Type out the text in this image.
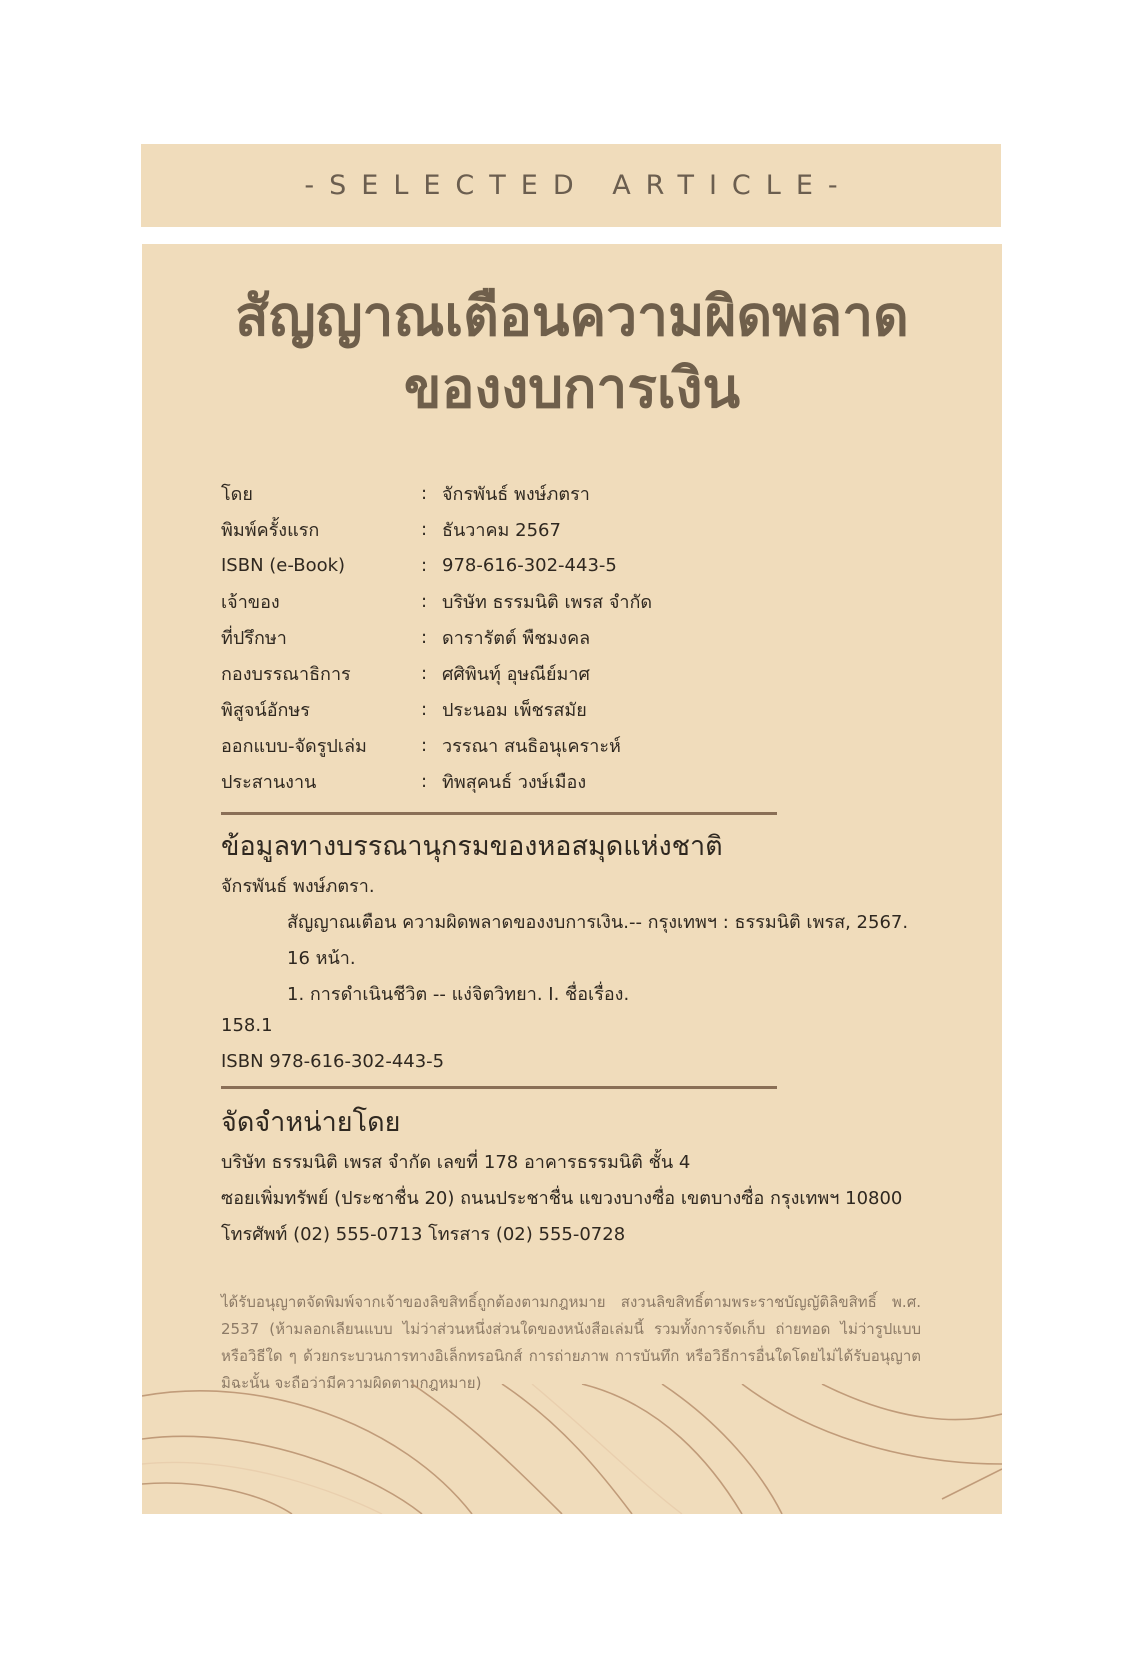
-SELECTED ARTICLE-
สัญญาณเตือนความผิดพลาด
ของงบการเงิน
โดย	: จักรพันธ์ พงษ์ภตรา
พิมพ์ครั้งแรก	: ธันวาคม 2567
ISBN (e-Book)	: 978-616-302-443-5
เจ้าของ	: บริษัท ธรรมนิติ เพรส จำกัด
ที่ปรึกษา	: ดารารัตต์ พืชมงคล
กองบรรณาธิการ	: ศศิพินทุ์ อุษณีย์มาศ
พิสูจน์อักษร	: ประนอม เพ็ชรสมัย
ออกแบบ-จัดรูปเล่ม	: วรรณา สนธิอนุเคราะห์
ประสานงาน	: ทิพสุคนธ์ วงษ์เมือง
ข้อมูลทางบรรณานุกรมของหอสมุดแห่งชาติ
จักรพันธ์ พงษ์ภตรา.
สัญญาณเตือน ความผิดพลาดของงบการเงิน.-- กรุงเทพฯ : ธรรมนิติ เพรส, 2567.
16 หน้า.
1. การดำเนินชีวิต -- แง่จิตวิทยา. I. ชื่อเรื่อง.
158.1
ISBN 978-616-302-443-5
จัดจำหน่ายโดย
บริษัท ธรรมนิติ เพรส จำกัด เลขที่ 178 อาคารธรรมนิติ ชั้น 4
ซอยเพิ่มทรัพย์ (ประชาชื่น 20) ถนนประชาชื่น แขวงบางซื่อ เขตบางซื่อ กรุงเทพฯ 10800
โทรศัพท์ (02) 555-0713 โทรสาร (02) 555-0728
ได้รับอนุญาตจัดพิมพ์จากเจ้าของลิขสิทธิ์ถูกต้องตามกฎหมาย สงวนลิขสิทธิ์ตามพระราชบัญญัติลิขสิทธิ์ พ.ศ. 2537 (ห้ามลอกเลียนแบบ ไม่ว่าส่วนหนึ่งส่วนใดของหนังสือเล่มนี้ รวมทั้งการจัดเก็บ ถ่ายทอด ไม่ว่ารูปแบบหรือวิธีใด ๆ ด้วยกระบวนการทางอิเล็กทรอนิกส์ การถ่ายภาพ การบันทึก หรือวิธีการอื่นใดโดยไม่ได้รับอนุญาต มิฉะนั้น จะถือว่ามีความผิดตามกฎหมาย)
